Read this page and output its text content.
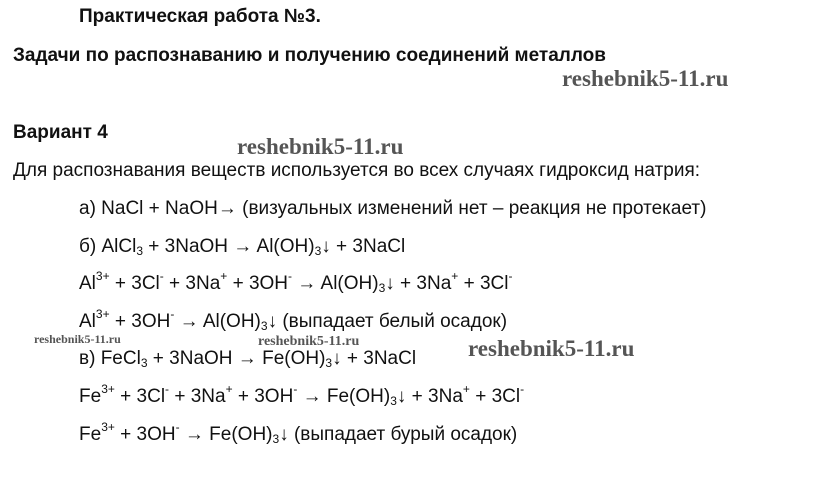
Практическая работа №3.
Задачи по распознаванию и получению соединений металлов
Вариант 4
Для распознавания веществ используется во всех случаях гидроксид натрия:
а) NaCl + NaOH→ (визуальных изменений нет – реакция не протекает)
б) AlCl$_3$ + 3NaOH → $Al(OH)_3↓$ + 3NaCl
$Al^{3+} + 3Cl^- + 3Na^+ + 3OH^-$ → $Al(OH)_3↓ + 3Na^+ + 3Cl^-$
$Al^{3+} + 3OH^-$ → $Al(OH)_3↓$ (выпадает белый осадок)
в) FeCl$_3$ + 3NaOH → $Fe(OH)_3↓$ + 3NaCl
$Fe^{3+} + 3Cl^- + 3Na^+ + 3OH^-$ → $Fe(OH)_3↓ + 3Na^+ + 3Cl^-$
$Fe^{3+} + 3OH^-$ → $Fe(OH)_3↓$ (выпадает бурый осадок)
reshebnik5-11.ru
reshebnik5-11.ru
reshebnik5-11.ru	reshebnik5-11.ru	reshebnik5-11.ru
